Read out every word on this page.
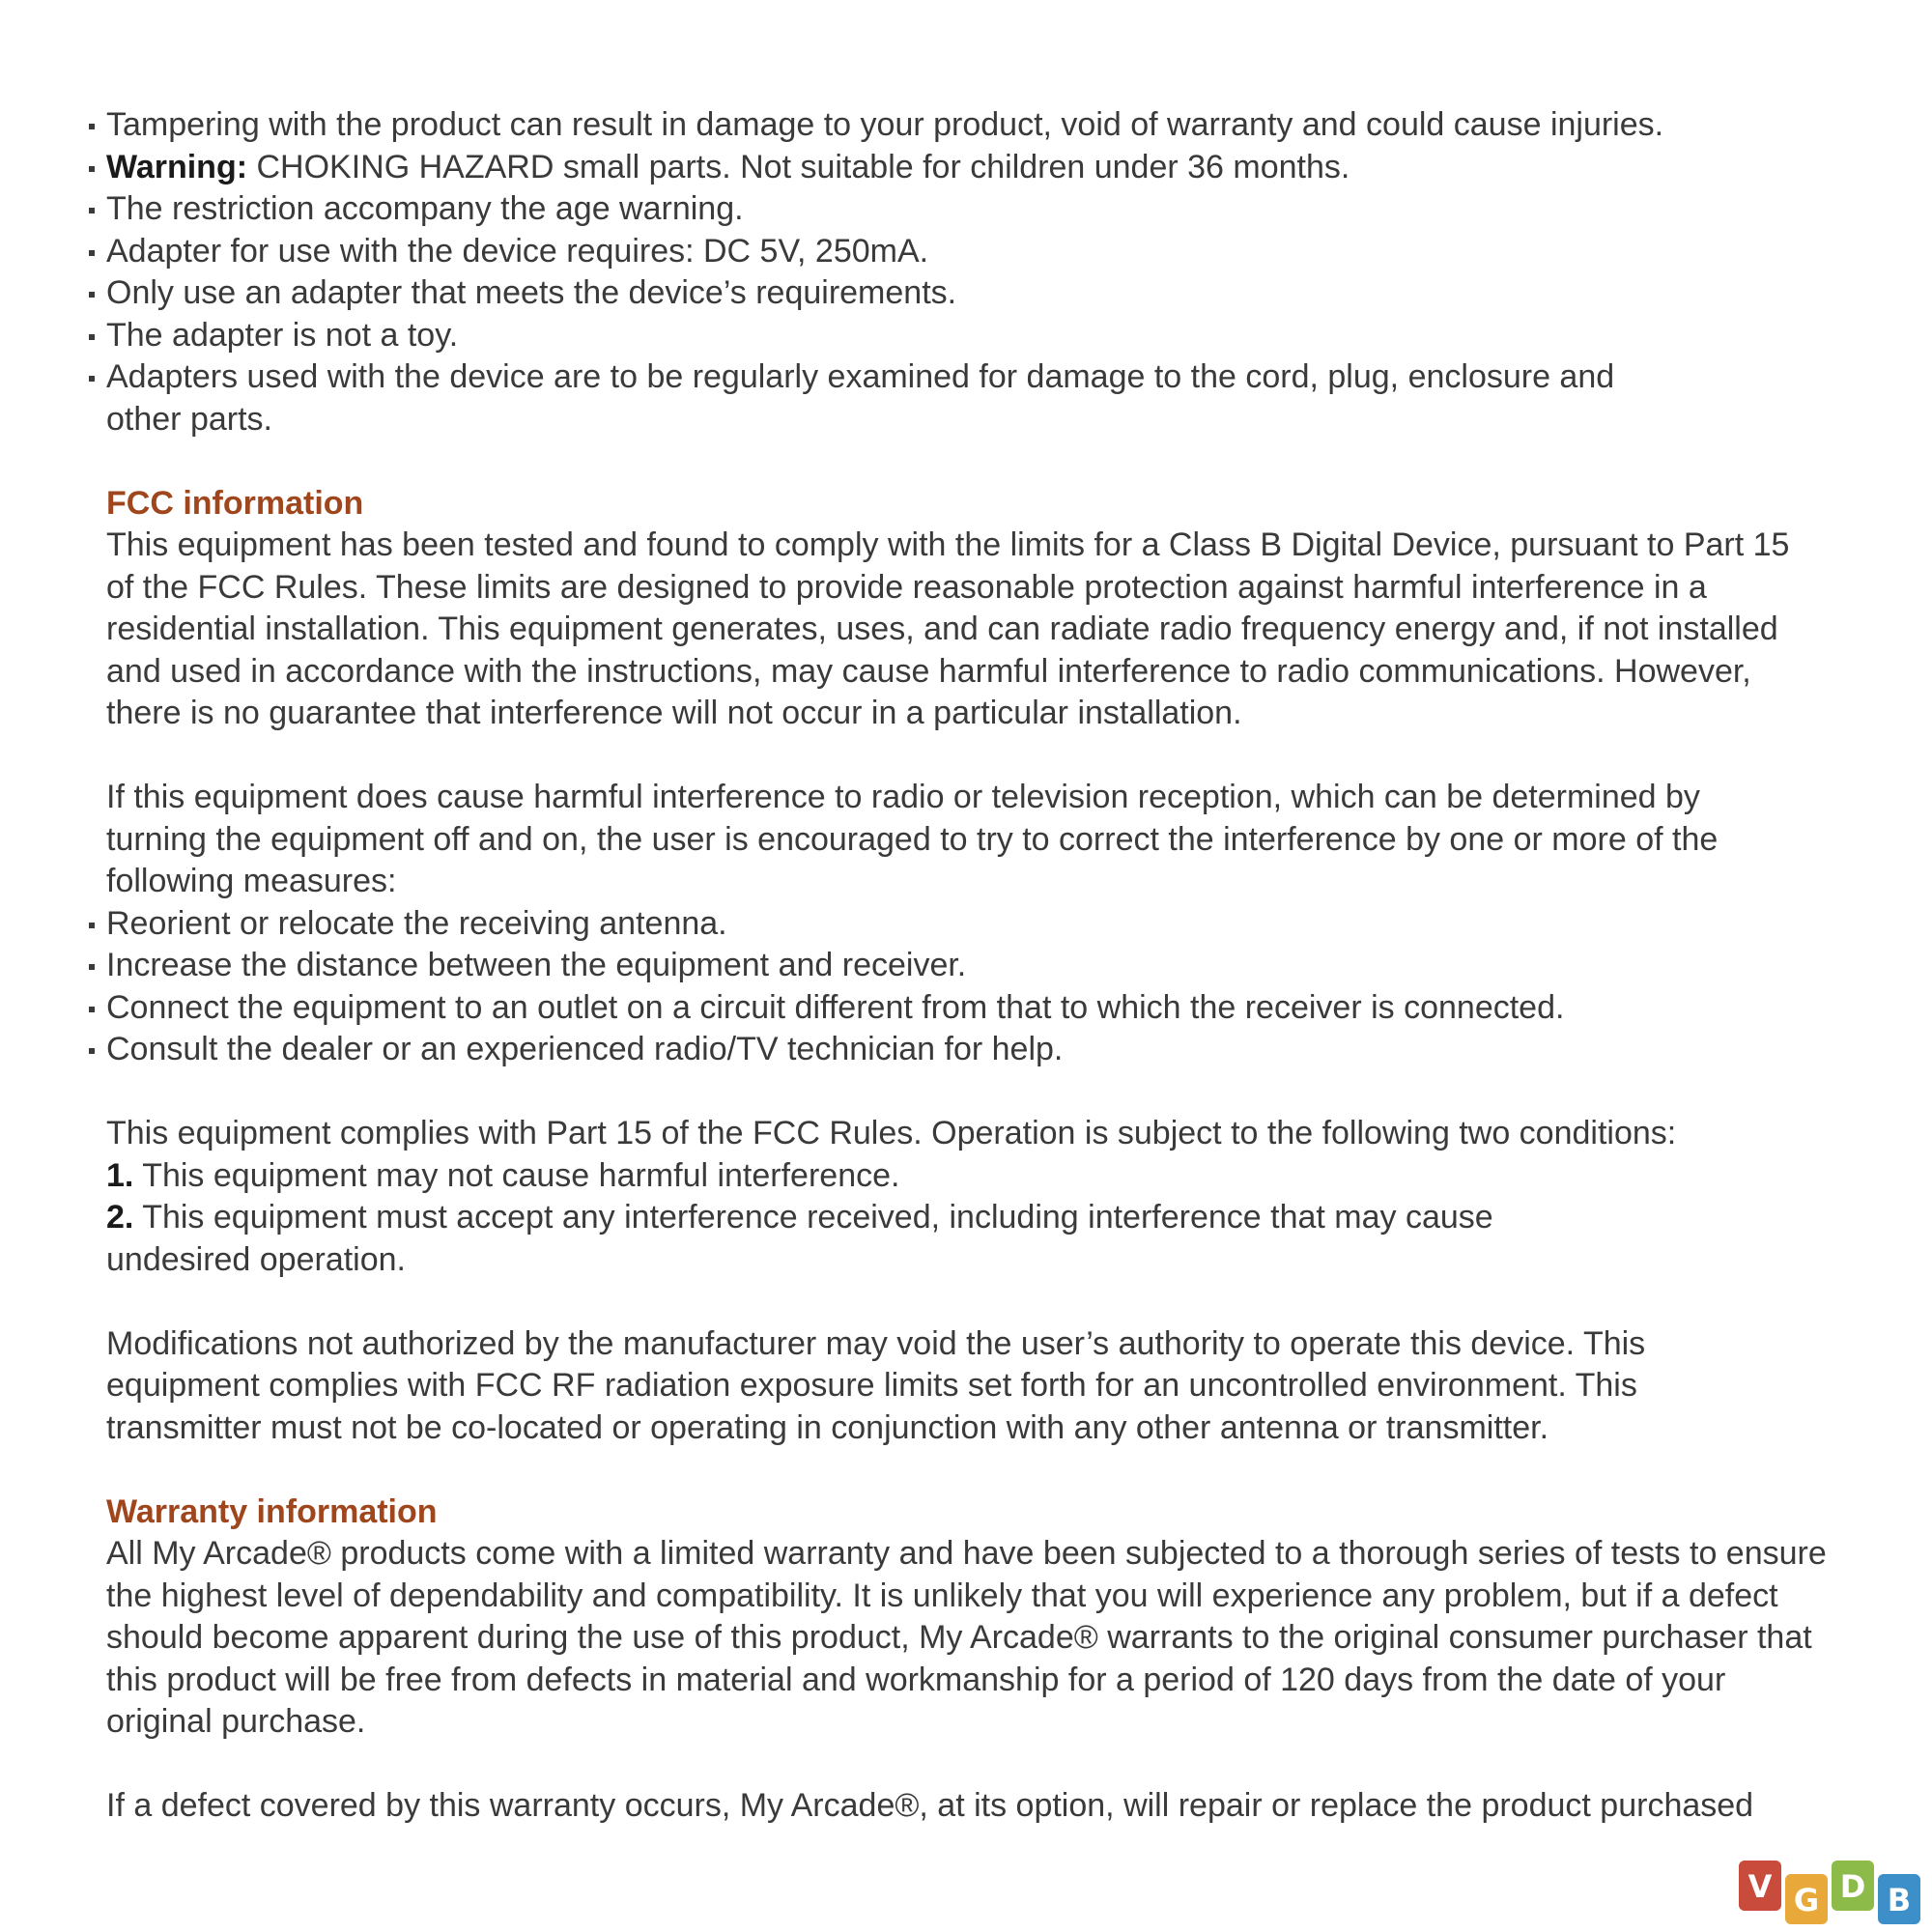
Tampering with the product can result in damage to your product, void of warranty and could cause injuries.
Warning: CHOKING HAZARD small parts. Not suitable for children under 36 months.
The restriction accompany the age warning.
Adapter for use with the device requires: DC 5V, 250mA.
Only use an adapter that meets the device’s requirements.
The adapter is not a toy.
Adapters used with the device are to be regularly examined for damage to the cord, plug, enclosure and other parts.
FCC information

This equipment has been tested and found to comply with the limits for a Class B Digital Device, pursuant to Part 15 of the FCC Rules. These limits are designed to provide reasonable protection against harmful interference in a residential installation. This equipment generates, uses, and can radiate radio frequency energy and, if not installed and used in accordance with the instructions, may cause harmful interference to radio communications. However, there is no guarantee that interference will not occur in a particular installation.

If this equipment does cause harmful interference to radio or television reception, which can be determined by turning the equipment off and on, the user is encouraged to try to correct the interference by one or more of the following measures:

Reorient or relocate the receiving antenna.
Increase the distance between the equipment and receiver.
Connect the equipment to an outlet on a circuit different from that to which the receiver is connected.
Consult the dealer or an experienced radio/TV technician for help.

This equipment complies with Part 15 of the FCC Rules. Operation is subject to the following two conditions:

1. This equipment may not cause harmful interference.

2. This equipment must accept any interference received, including interference that may cause undesired operation.

Modifications not authorized by the manufacturer may void the user’s authority to operate this device. This equipment complies with FCC RF radiation exposure limits set forth for an uncontrolled environment. This transmitter must not be co-located or operating in conjunction with any other antenna or transmitter.

Warranty information

All My Arcade® products come with a limited warranty and have been subjected to a thorough series of tests to ensure the highest level of dependability and compatibility. It is unlikely that you will experience any problem, but if a defect should become apparent during the use of this product, My Arcade® warrants to the original consumer purchaser that this product will be free from defects in material and workmanship for a period of 120 days from the date of your original purchase.

If a defect covered by this warranty occurs, My Arcade®, at its option, will repair or replace the product purchased

V G D B
